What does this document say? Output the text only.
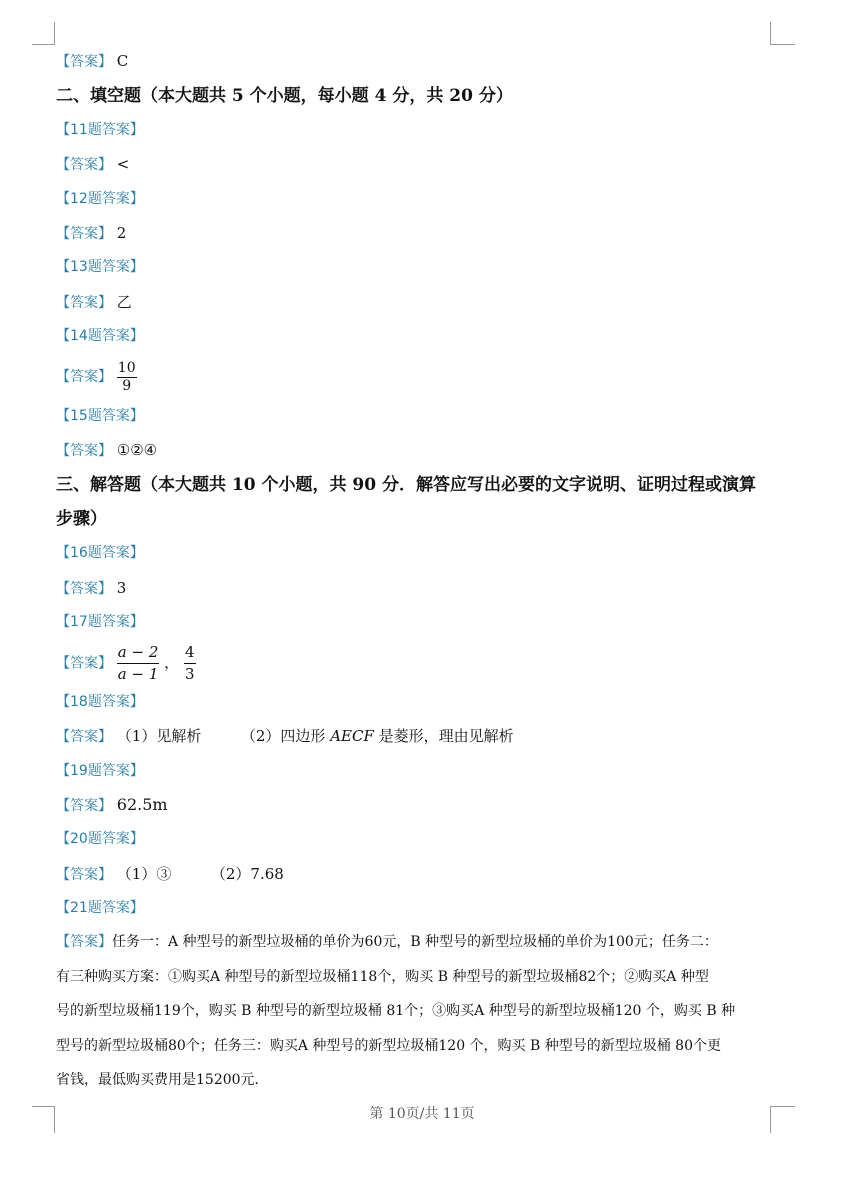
【答案】 C
二、填空题（本大题共 5 个小题，每小题 4 分，共 20 分）
【11题答案】
【答案】 <
【12题答案】
【答案】 2
【13题答案】
【答案】 乙
【14题答案】
【答案】 $\frac{10}{9}$
【15题答案】
【答案】 ①②④
三、解答题（本大题共 10 个小题，共 90 分．解答应写出必要的文字说明、证明过程或演算
步骤）
【16题答案】
【答案】 3
【17题答案】
【答案】 $\frac{a - 2}{a - 1}$ ， $\frac{4}{3}$
【18题答案】
【答案】 （1）见解析	（2）四边形 AECF 是菱形，理由见解析
【19题答案】
【答案】 62.5m
【20题答案】
【答案】 （1）③	（2）7.68
【21题答案】
【答案】任务一：A 种型号的新型垃圾桶的单价为60元，B 种型号的新型垃圾桶的单价为100元；任务二：
有三种购买方案：①购买A 种型号的新型垃圾桶118个，购买 B 种型号的新型垃圾桶82个；②购买A 种型
号的新型垃圾桶119个，购买 B 种型号的新型垃圾桶 81个；③购买A 种型号的新型垃圾桶120 个，购买 B 种
型号的新型垃圾桶80个；任务三：购买A 种型号的新型垃圾桶120 个，购买 B 种型号的新型垃圾桶 80个更
省钱，最低购买费用是15200元．
第 10页/共 11页
